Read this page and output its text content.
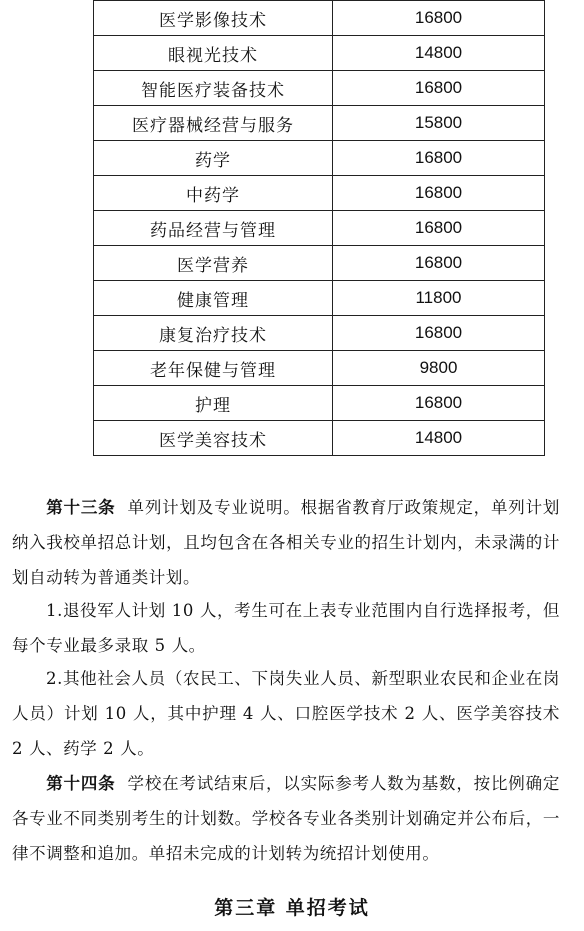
医学影像技术	16800
眼视光技术	14800
智能医疗装备技术	16800
医疗器械经营与服务	15800
药学	16800
中药学	16800
药品经营与管理	16800
医学营养	16800
健康管理	11800
康复治疗技术	16800
老年保健与管理	9800
护理	16800
医学美容技术	14800

第十三条 单列计划及专业说明。根据省教育厅政策规定，单列计划纳入我校单招总计划，且均包含在各相关专业的招生计划内，未录满的计划自动转为普通类计划。

1.退役军人计划 10 人，考生可在上表专业范围内自行选择报考，但每个专业最多录取 5 人。

2.其他社会人员（农民工、下岗失业人员、新型职业农民和企业在岗人员）计划 10 人，其中护理 4 人、口腔医学技术 2 人、医学美容技术 2 人、药学 2 人。

第十四条 学校在考试结束后，以实际参考人数为基数，按比例确定各专业不同类别考生的计划数。学校各专业各类别计划确定并公布后，一律不调整和追加。单招未完成的计划转为统招计划使用。

第三章 单招考试
